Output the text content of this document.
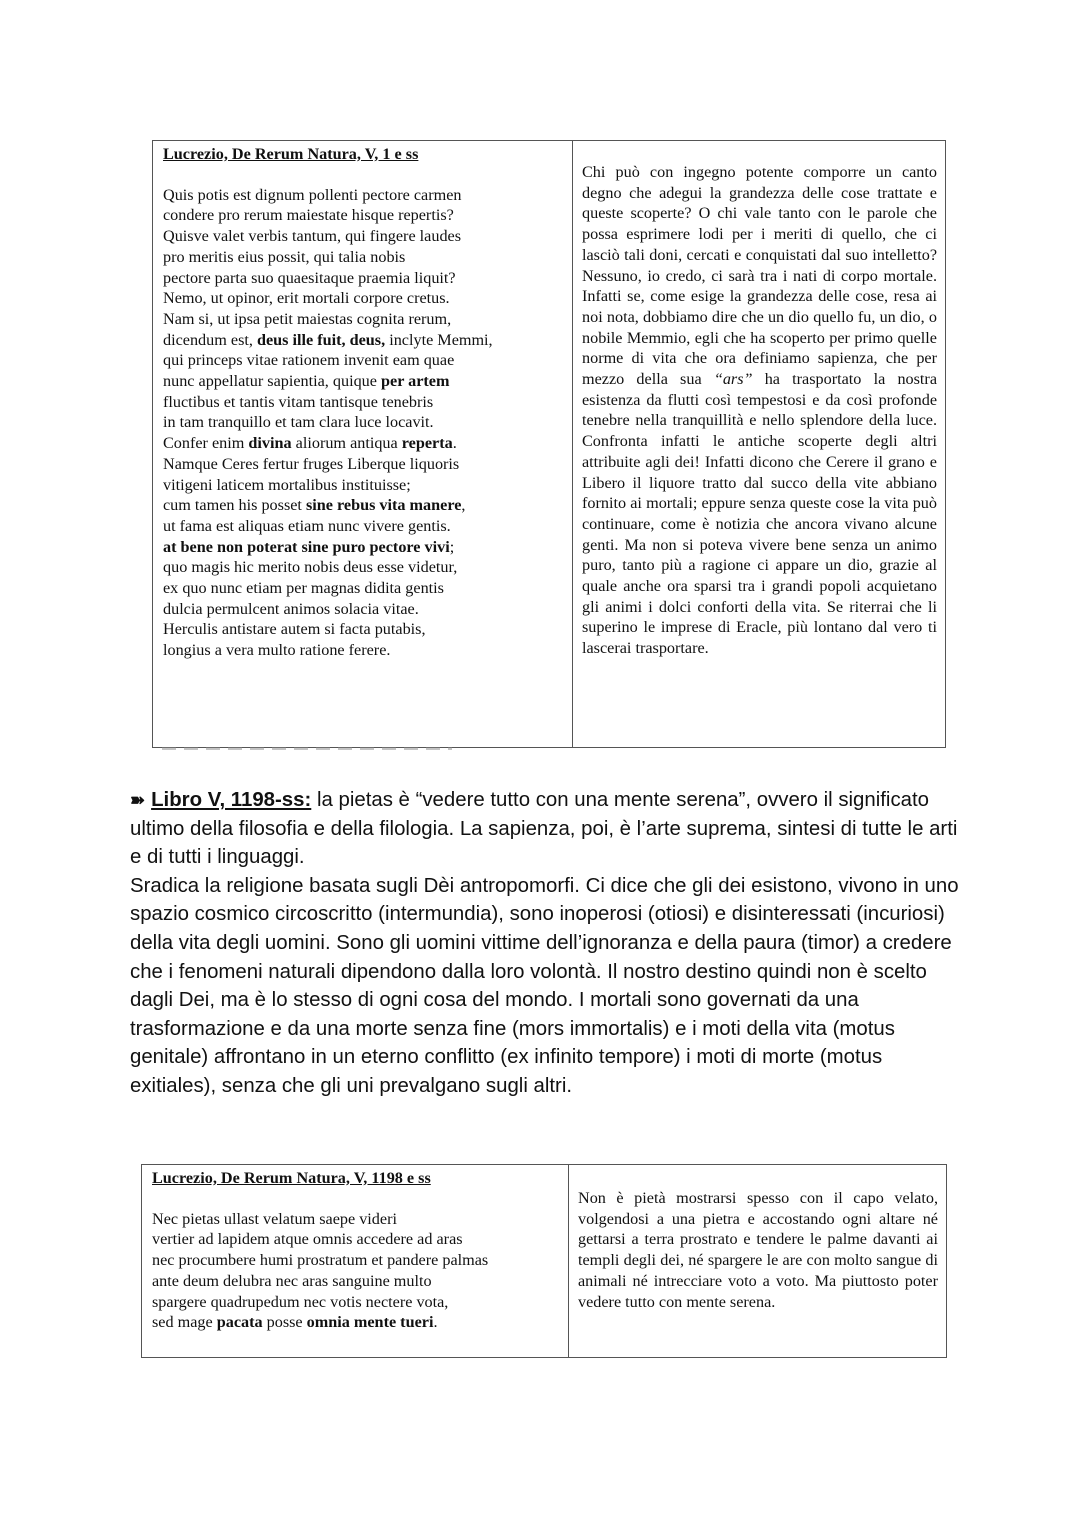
Lucrezio, De Rerum Natura, V, 1 e ss
Quis potis est dignum pollenti pectore carmen
condere pro rerum maiestate hisque repertis?
Quisve valet verbis tantum, qui fingere laudes
pro meritis eius possit, qui talia nobis
pectore parta suo quaesitaque praemia liquit?
Nemo, ut opinor, erit mortali corpore cretus.
Nam si, ut ipsa petit maiestas cognita rerum,
dicendum est, deus ille fuit, deus, inclyte Memmi,
qui princeps vitae rationem invenit eam quae
nunc appellatur sapientia, quique per artem
fluctibus et tantis vitam tantisque tenebris
in tam tranquillo et tam clara luce locavit.
Confer enim divina aliorum antiqua reperta.
Namque Ceres fertur fruges Liberque liquoris
vitigeni laticem mortalibus instituisse;
cum tamen his posset sine rebus vita manere,
ut fama est aliquas etiam nunc vivere gentis.
at bene non poterat sine puro pectore vivi;
quo magis hic merito nobis deus esse videtur,
ex quo nunc etiam per magnas didita gentis
dulcia permulcent animos solacia vitae.
Herculis antistare autem si facta putabis,
longius a vera multo ratione ferere.

Chi può con ingegno potente comporre un canto degno che adegui la grandezza delle cose trattate e queste scoperte? O chi vale tanto con le parole che possa esprimere lodi per i meriti di quello, che ci lasciò tali doni, cercati e conquistati dal suo intelletto? Nessuno, io credo, ci sarà tra i nati di corpo mortale. Infatti se, come esige la grandezza delle cose, resa ai noi nota, dobbiamo dire che un dio quello fu, un dio, o nobile Memmio, egli che ha scoperto per primo quelle norme di vita che ora definiamo sapienza, che per mezzo della sua “ars” ha trasportato la nostra esistenza da flutti così tempestosi e da così profonde tenebre nella tranquillità e nello splendore della luce. Confronta infatti le antiche scoperte degli altri attribuite agli dei! Infatti dicono che Cerere il grano e Libero il liquore tratto dal succo della vite abbiano fornito ai mortali; eppure senza queste cose la vita può continuare, come è notizia che ancora vivano alcune genti. Ma non si poteva vivere bene senza un animo puro, tanto più a ragione ci appare un dio, grazie al quale anche ora sparsi tra i grandi popoli acquietano gli animi i dolci conforti della vita. Se riterrai che li superino le imprese di Eracle, più lontano dal vero ti lascerai trasportare.

➽ Libro V, 1198-ss: la pietas è “vedere tutto con una mente serena”, ovvero il significato ultimo della filosofia e della filologia. La sapienza, poi, è l’arte suprema, sintesi di tutte le arti e di tutti i linguaggi.

Sradica la religione basata sugli Dèi antropomorfi. Ci dice che gli dei esistono, vivono in uno spazio cosmico circoscritto (intermundia), sono inoperosi (otiosi) e disinteressati (incuriosi) della vita degli uomini. Sono gli uomini vittime dell’ignoranza e della paura (timor) a credere che i fenomeni naturali dipendono dalla loro volontà. Il nostro destino quindi non è scelto dagli Dei, ma è lo stesso di ogni cosa del mondo. I mortali sono governati da una trasformazione e da una morte senza fine (mors immortalis) e i moti della vita (motus genitale) affrontano in un eterno conflitto (ex infinito tempore) i moti di morte (motus exitiales), senza che gli uni prevalgano sugli altri.

Lucrezio, De Rerum Natura, V, 1198 e ss
Nec pietas ullast velatum saepe videri
vertier ad lapidem atque omnis accedere ad aras
nec procumbere humi prostratum et pandere palmas
ante deum delubra nec aras sanguine multo
spargere quadrupedum nec votis nectere vota,
sed mage pacata posse omnia mente tueri.

Non è pietà mostrarsi spesso con il capo velato, volgendosi a una pietra e accostando ogni altare né gettarsi a terra prostrato e tendere le palme davanti ai templi degli dei, né spargere le are con molto sangue di animali né intrecciare voto a voto. Ma piuttosto poter vedere tutto con mente serena.
